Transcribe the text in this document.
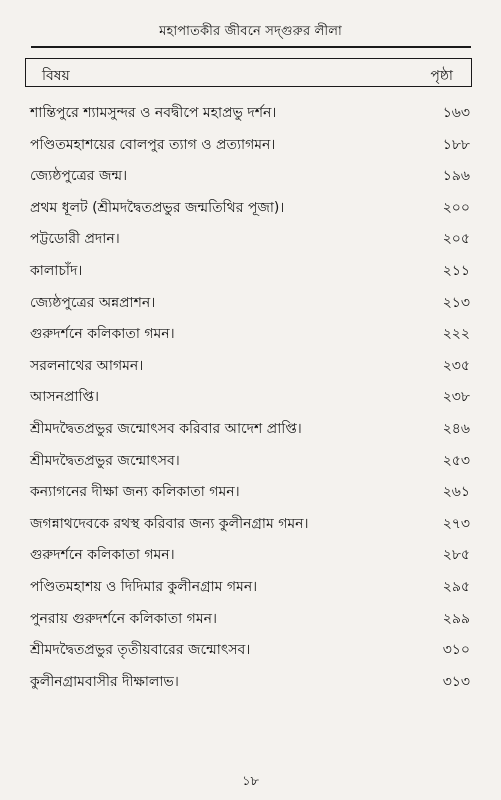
মহাপাতকীর জীবনে সদ্‌গুরুর লীলা
বিষয়	পৃষ্ঠা
শান্তিপুরে শ্যামসুন্দর ও নবদ্বীপে মহাপ্রভু দর্শন।	১৬৩
পণ্ডিতমহাশয়ের বোলপুর ত্যাগ ও প্রত্যাগমন।	১৮৮
জ্যেষ্ঠপুত্রের জন্ম।	১৯৬
প্রথম ধূলট (শ্রীমদদ্বৈতপ্রভুর জন্মতিথির পূজা)।	২০০
পট্টডোরী প্রদান।	২০৫
কালাচাঁদ।	২১১
জ্যেষ্ঠপুত্রের অন্নপ্রাশন।	২১৩
গুরুদর্শনে কলিকাতা গমন।	২২২
সরলনাথের আগমন।	২৩৫
আসনপ্রাপ্তি।	২৩৮
শ্রীমদদ্বৈতপ্রভুর জন্মোৎসব করিবার আদেশ প্রাপ্তি।	২৪৬
শ্রীমদদ্বৈতপ্রভুর জন্মোৎসব।	২৫৩
কন্যাগনের দীক্ষা জন্য কলিকাতা গমন।	২৬১
জগন্নাথদেবকে রথস্থ করিবার জন্য কুলীনগ্রাম গমন।	২৭৩
গুরুদর্শনে কলিকাতা গমন।	২৮৫
পণ্ডিতমহাশয় ও দিদিমার কুলীনগ্রাম গমন।	২৯৫
পুনরায় গুরুদর্শনে কলিকাতা গমন।	২৯৯
শ্রীমদদ্বৈতপ্রভুর তৃতীয়বারের জন্মোৎসব।	৩১০
কুলীনগ্রামবাসীর দীক্ষালাভ।	৩১৩
১৮
